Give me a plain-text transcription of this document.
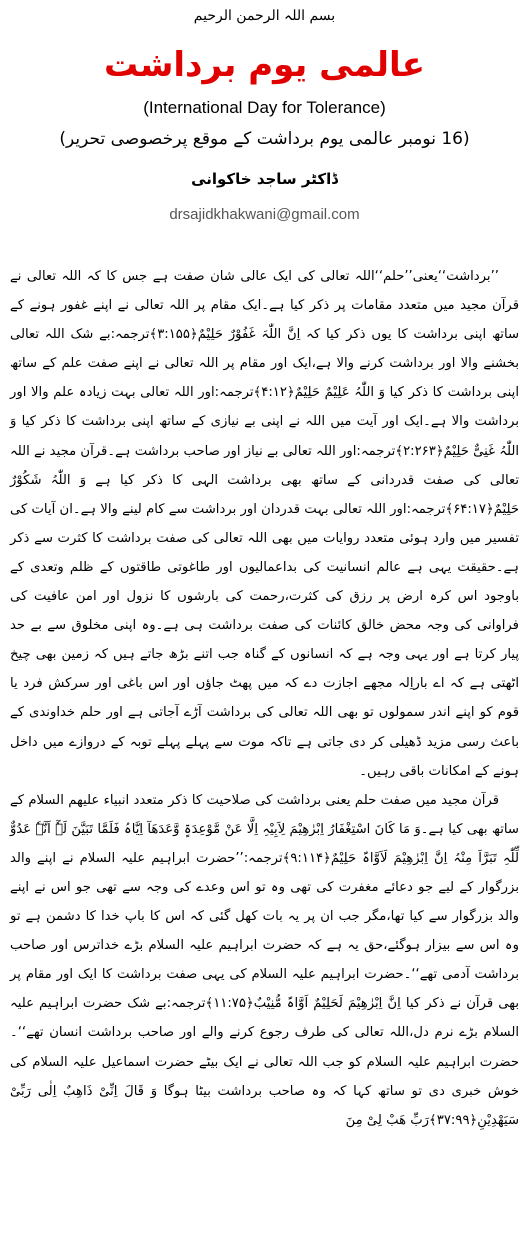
بسم اللہ الرحمن الرحیم
عالمی یوم برداشت
(International Day for Tolerance)
(16 نومبر عالمی یوم برداشت کے موقع پرخصوصی تحریر)
ڈاکٹر ساجد خاکوانی
drsajidkhakwani@gmail.com

’’برداشت‘‘یعنی’’حلم‘‘اللہ تعالی کی ایک عالی شان صفت ہے جس کا کہ اللہ تعالی نے قرآن مجید میں متعدد مقامات پر ذکر کیا ہے۔ایک مقام پر اللہ تعالی نے اپنے غفور ہونے کے ساتھ اپنی برداشت کا یوں ذکر کیا کہ اِنَّ اللّٰہَ غَفُوْرٌ حَلِیْمٌ﴿۳:۱۵۵﴾ترجمہ:بے شک اللہ تعالی بخشنے والا اور برداشت کرنے والا ہے،ایک اور مقام پر اللہ تعالی نے اپنے صفت علم کے ساتھ اپنی برداشت کا ذکر کیا وَ اللّٰہُ عَلِیْمٌ حَلِیْمٌ﴿۴:۱۲﴾ترجمہ:اور اللہ تعالی بہت زیادہ علم والا اور برداشت والا ہے۔ایک اور آیت میں اللہ نے اپنی بے نیازی کے ساتھ اپنی برداشت کا ذکر کیا وَ اللّٰہُ غَنِیٌّ حَلِیْمٌ﴿۲:۲۶۳﴾ترجمہ:اور اللہ تعالی بے نیاز اور صاحب برداشت ہے۔قرآن مجید نے اللہ تعالی کی صفت قدردانی کے ساتھ بھی برداشت الہی کا ذکر کیا ہے وَ اللّٰہُ شَکُوْرٌ حَلِیْمٌ﴿۶۴:۱۷﴾ترجمہ:اور اللہ تعالی بہت قدردان اور برداشت سے کام لینے والا ہے۔ان آیات کی تفسیر میں وارد ہوئی متعدد روایات میں بھی اللہ تعالی کی صفت برداشت کا کثرت سے ذکر ہے۔حقیقت یہی ہے عالم انسانیت کی بداعمالیوں اور طاغوتی طاقتوں کے ظلم وتعدی کے باوجود اس کرہ ارض پر رزق کی کثرت،رحمت کی بارشوں کا نزول اور امن عافیت کی فراوانی کی وجہ محض خالق کائنات کی صفت برداشت ہی ہے۔وہ اپنی مخلوق سے بے حد پیار کرتا ہے اور یہی وجہ ہے کہ انسانوں کے گناہ جب اتنے بڑھ جاتے ہیں کہ زمین بھی چیخ اٹھتی ہے کہ اے باراِلہ مجھے اجازت دے کہ میں پھٹ جاؤں اور اس باغی اور سرکش فرد یا قوم کو اپنے اندر سمولوں تو بھی اللہ تعالی کی برداشت آڑے آجاتی ہے اور حلم خداوندی کے باعث رسی مزید ڈھیلی کر دی جاتی ہے تاکہ موت سے پہلے پہلے توبہ کے دروازے میں داخل ہونے کے امکانات باقی رہیں۔

قرآن مجید میں صفت حلم یعنی برداشت کی صلاحیت کا ذکر متعدد انبیاء علیھم السلام کے ساتھ بھی کیا ہے۔وَ مَا کَانَ اسْتِغْفَارُ اِبْرٰھِیْمَ لِاَبِیْہِ اِلَّا عَنْ مَّوْعِدَۃٍ وَّعَدَھَآ اِیَّاہُ فَلَمَّا تَبَیَّنَ لَہٗٓ اَنَّہٗ عَدُوٌّ لِّلّٰہِ تَبَرَّاَ مِنْہُ اِنَّ اِبْرٰھِیْمَ لَاَوَّاہٌ حَلِیْمٌ﴿۹:۱۱۴﴾ترجمہ:’’حضرت ابراہیم علیہ السلام نے اپنے والد بزرگوار کے لیے جو دعائے مغفرت کی تھی وہ تو اس وعدے کی وجہ سے تھی جو اس نے اپنے والد بزرگوار سے کیا تھا،مگر جب ان پر یہ بات کھل گئی کہ اس کا باپ خدا کا دشمن ہے تو وہ اس سے بیزار ہوگئے،حق یہ ہے کہ حضرت ابراہیم علیہ السلام بڑے خداترس اور صاحب برداشت آدمی تھے‘‘۔حضرت ابراہیم علیہ السلام کی یہی صفت برداشت کا ایک اور مقام پر بھی قرآن نے ذکر کیا اِنَّ اِبْرٰھِیْمَ لَحَلِیْمٌ اَوَّاہٌ مُّنِیْبٌ﴿۱۱:۷۵﴾ترجمہ:بے شک حضرت ابراہیم علیہ السلام بڑے نرم دل،اللہ تعالی کی طرف رجوع کرنے والے اور صاحب برداشت انسان تھے‘‘۔حضرت ابراہیم علیہ السلام کو جب اللہ تعالی نے ایک بیٹے حضرت اسماعیل علیہ السلام کی خوش خبری دی تو ساتھ کہا کہ وہ صاحب برداشت بیٹا ہوگا وَ قَالَ اِنِّیْ ذَاھِبٌ اِلٰی رَبِّیْ سَیَھْدِیْنِ﴿۳۷:۹۹﴾رَبِّ ھَبْ لِیْ مِنَ
